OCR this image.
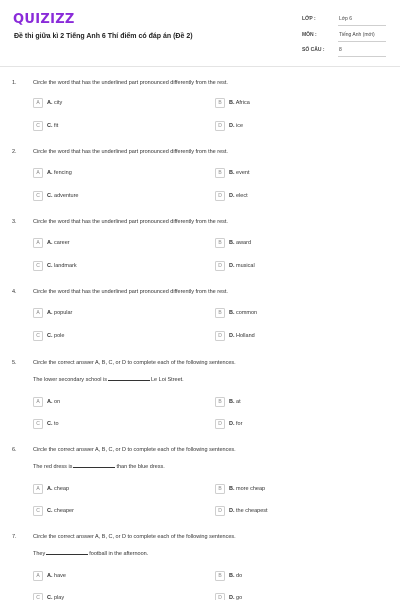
QUIZIZZ
Đề thi giữa kì 2 Tiếng Anh 6 Thí điểm có đáp án (Đề 2)
LỚP :	Lớp 6
MÔN :	Tiếng Anh (mới)
SỐ CÂU :	8
1.	Circle the word that has the underlined part pronounced differently from the rest.
A	A. city	B	B. Africa
C	C. fit	D	D. ice
2.	Circle the word that has the underlined part pronounced differently from the rest.
A	A. fencing	B	B. event
C	C. adventure	D	D. elect
3.	Circle the word that has the underlined part pronounced differently from the rest.
A	A. career	B	B. award
C	C. landmark	D	D. musical
4.	Circle the word that has the underlined part pronounced differently from the rest.
A	A. popular	B	B. common
C	C. pole	D	D. Holland
5.	Circle the correct answer A, B, C, or D to complete each of the following sentences.
The lower secondary school is	Le Loi Street.
A	A. on	B	B. at
C	C. to	D	D. for
6.	Circle the correct answer A, B, C, or D to complete each of the following sentences.
The red dress is	than the blue dress.
A	A. cheap	B	B. more cheap
C	C. cheaper	D	D. the cheapest
7.	Circle the correct answer A, B, C, or D to complete each of the following sentences.
They	football in the afternoon.
A	A. have	B	B. do
C	C. play	D	D. go
